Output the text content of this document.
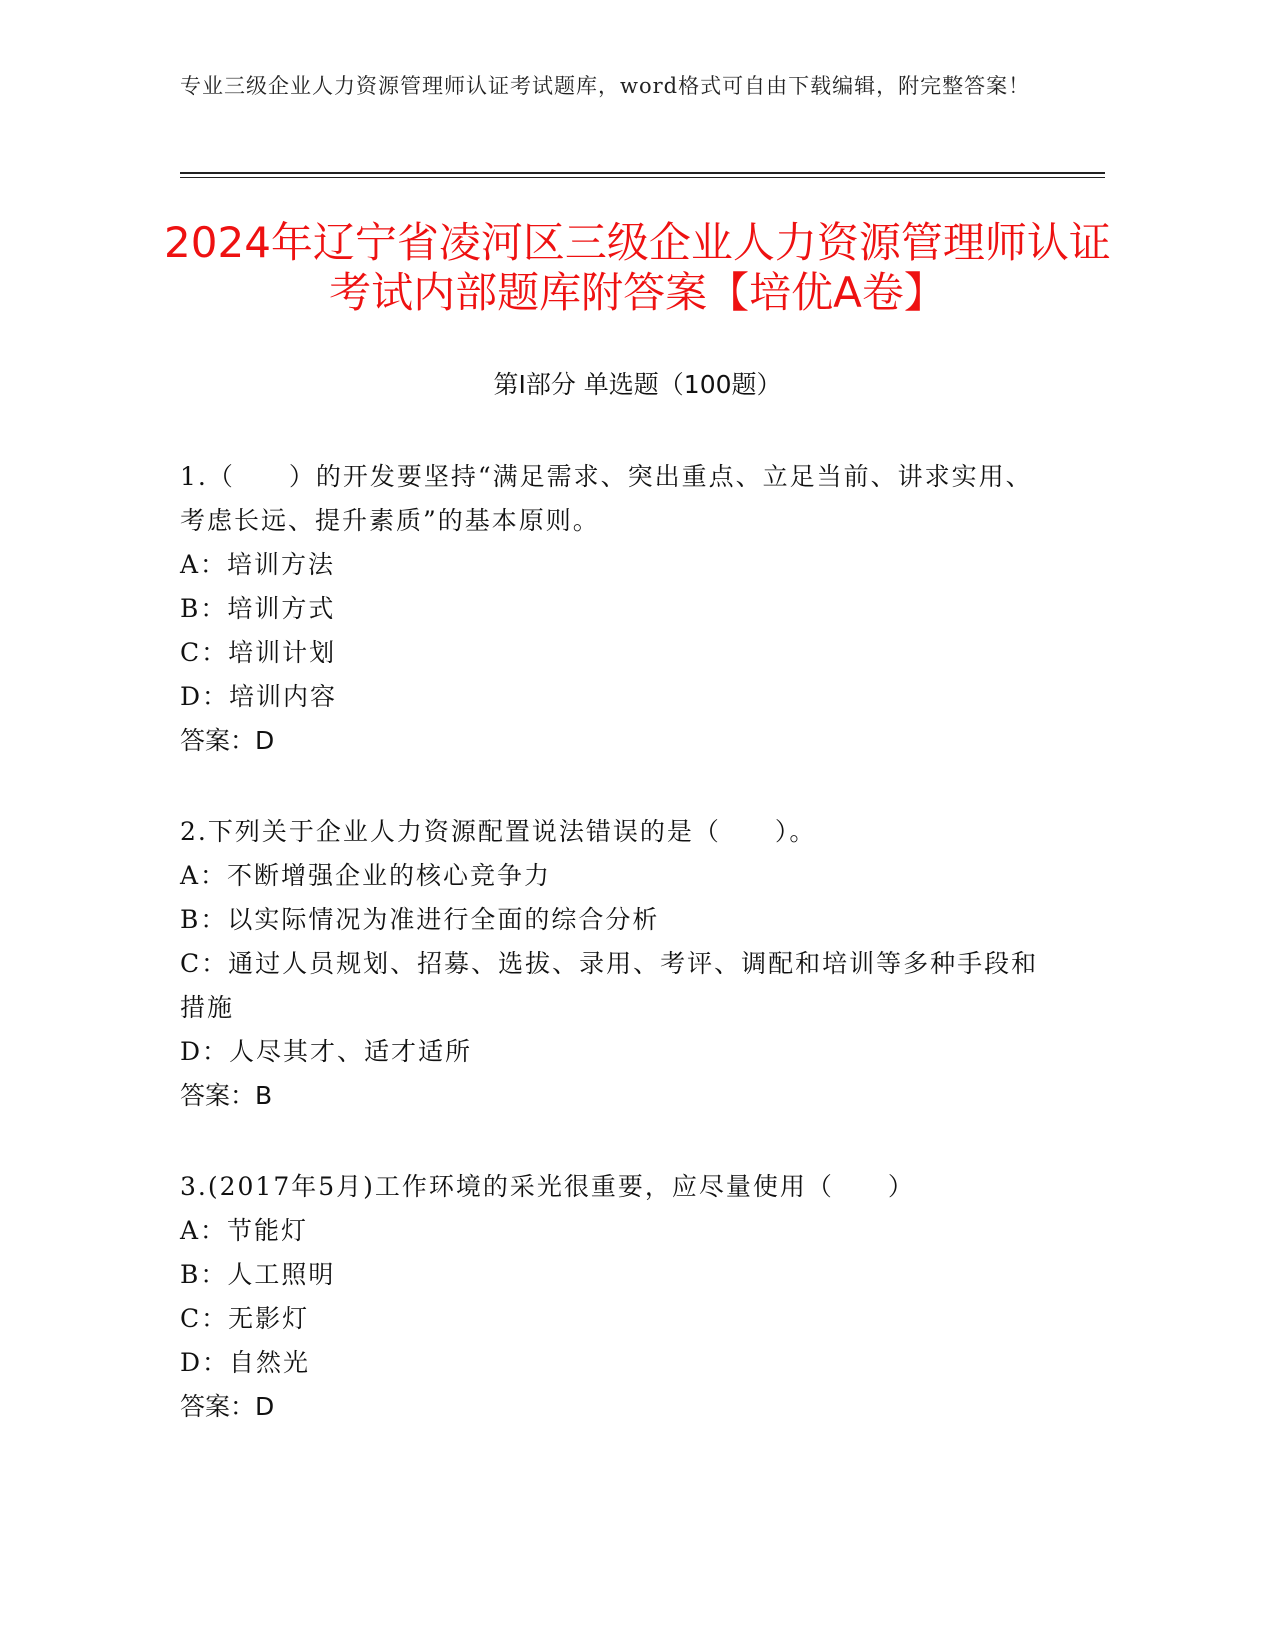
专业三级企业人力资源管理师认证考试题库，word格式可自由下载编辑，附完整答案！
2024年辽宁省凌河区三级企业人力资源管理师认证考试内部题库附答案【培优A卷】
第Ⅰ部分 单选题（100题）
1.（　　）的开发要坚持“满足需求、突出重点、立足当前、讲求实用、考虑长远、提升素质”的基本原则。
A：培训方法
B：培训方式
C：培训计划
D：培训内容
答案：D
2.下列关于企业人力资源配置说法错误的是（　　）。
A：不断增强企业的核心竞争力
B：以实际情况为准进行全面的综合分析
C：通过人员规划、招募、选拔、录用、考评、调配和培训等多种手段和措施
D：人尽其才、适才适所
答案：B
3.(2017年5月)工作环境的采光很重要，应尽量使用（　　）
A：节能灯
B：人工照明
C：无影灯
D：自然光
答案：D
